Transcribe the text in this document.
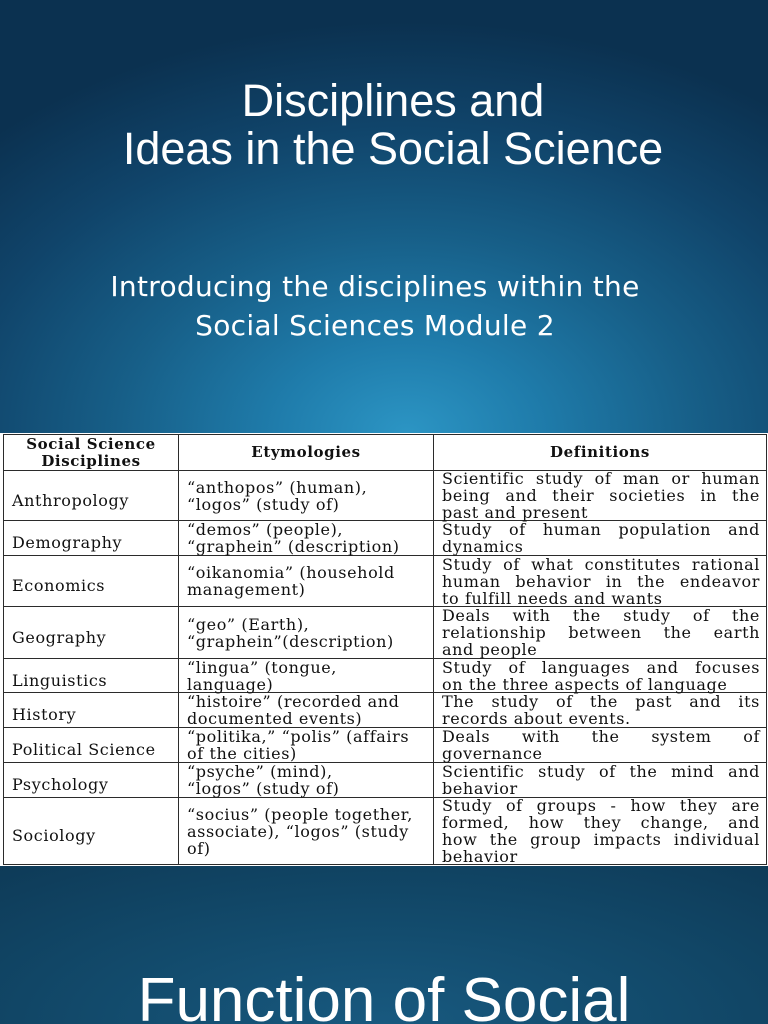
Disciplines and
Ideas in the Social Science
Introducing the disciplines within the
Social Sciences Module 2
Social Science Disciplines	Etymologies	Definitions
Anthropology
“anthopos” (human),
“logos” (study of)
Scientific study of man or human
being and their societies in the
past and present
Demography
“demos” (people),
“graphein” (description)
Study of human population and
dynamics
Economics
“oikanomia” (household
management)
Study of what constitutes rational
human behavior in the endeavor
to fulfill needs and wants
Geography
“geo” (Earth),
“graphein”(description)
Deals with the study of the
relationship between the earth
and people
Linguistics
“lingua” (tongue,
language)
Study of languages and focuses
on the three aspects of language
History
“histoire” (recorded and
documented events)
The study of the past and its
records about events.
Political Science
“politika,” “polis” (affairs
of the cities)
Deals with the system of
governance
Psychology
“psyche” (mind),
“logos” (study of)
Scientific study of the mind and
behavior
Sociology
“socius” (people together,
associate), “logos” (study
of)
Study of groups - how they are
formed, how they change, and
how the group impacts individual
behavior
Function of Social
